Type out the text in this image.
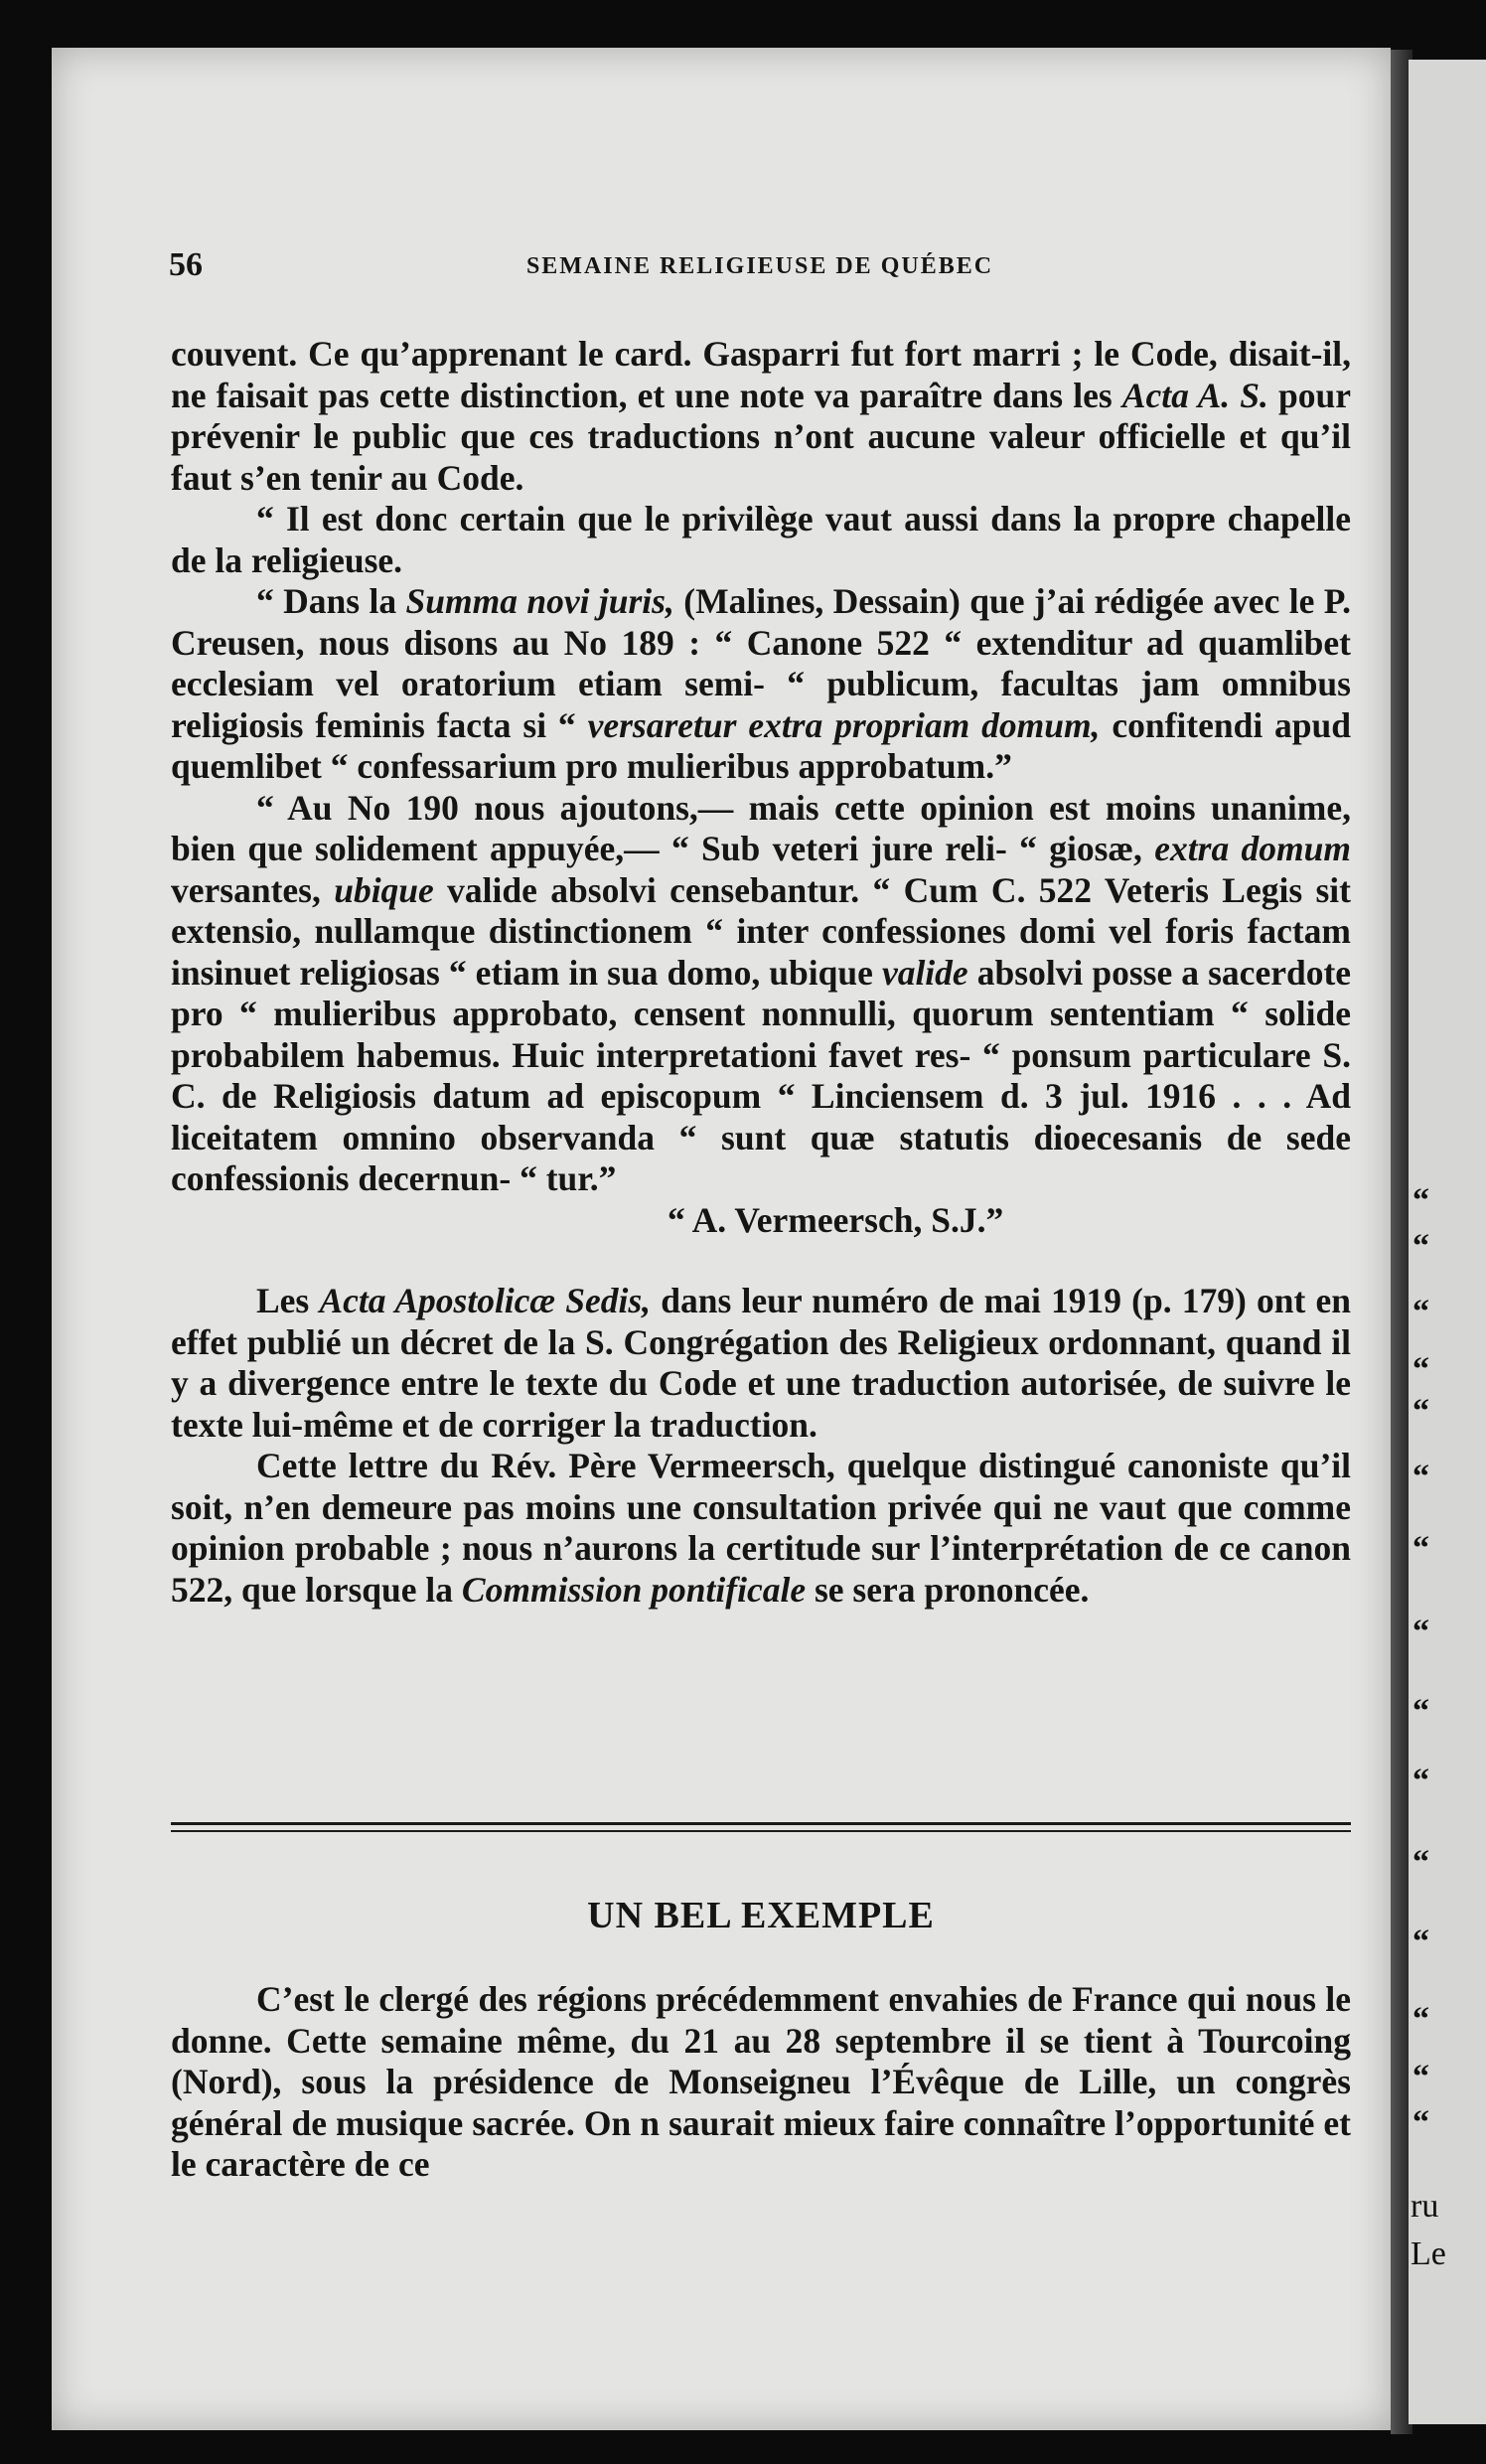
“
“
“
“
“
“
“
“
“
“
“
“
“
“
“
ru
Le
56	SEMAINE RELIGIEUSE DE QUÉBEC

couvent. Ce qu’apprenant le card. Gasparri fut fort marri ; le Code, disait-il, ne faisait pas cette distinction, et une note va paraître dans les Acta A. S. pour prévenir le public que ces traductions n’ont aucune valeur officielle et qu’il faut s’en tenir au Code.

“ Il est donc certain que le privilège vaut aussi dans la propre chapelle de la religieuse.

“ Dans la Summa novi juris, (Malines, Dessain) que j’ai rédigée avec le P. Creusen, nous disons au No 189 : “ Canone 522 “ extenditur ad quamlibet ecclesiam vel oratorium etiam semi- “ publicum, facultas jam omnibus religiosis feminis facta si “ versaretur extra propriam domum, confitendi apud quemlibet “ confessarium pro mulieribus approbatum.”

“ Au No 190 nous ajoutons,— mais cette opinion est moins unanime, bien que solidement appuyée,— “ Sub veteri jure reli- “ giosæ, extra domum versantes, ubique valide absolvi censebantur. “ Cum C. 522 Veteris Legis sit extensio, nullamque distinctionem “ inter confessiones domi vel foris factam insinuet religiosas “ etiam in sua domo, ubique valide absolvi posse a sacerdote pro “ mulieribus approbato, censent nonnulli, quorum sententiam “ solide probabilem habemus. Huic interpretationi favet res- “ ponsum particulare S. C. de Religiosis datum ad episcopum “ Linciensem d. 3 jul. 1916 . . . Ad liceitatem omnino observanda “ sunt quæ statutis dioecesanis de sede confessionis decernun- “ tur.”

“ A. Vermeersch, S.J.”

Les Acta Apostolicæ Sedis, dans leur numéro de mai 1919 (p. 179) ont en effet publié un décret de la S. Congrégation des Religieux ordonnant, quand il y a divergence entre le texte du Code et une traduction autorisée, de suivre le texte lui-même et de corriger la traduction.

Cette lettre du Rév. Père Vermeersch, quelque distingué canoniste qu’il soit, n’en demeure pas moins une consultation privée qui ne vaut que comme opinion probable ; nous n’aurons la certitude sur l’interprétation de ce canon 522, que lorsque la Commission pontificale se sera prononcée.

UN BEL EXEMPLE

C’est le clergé des régions précédemment envahies de France qui nous le donne. Cette semaine même, du 21 au 28 septembre il se tient à Tourcoing (Nord), sous la présidence de Monseigneu l’Évêque de Lille, un congrès général de musique sacrée. On n saurait mieux faire connaître l’opportunité et le caractère de ce
